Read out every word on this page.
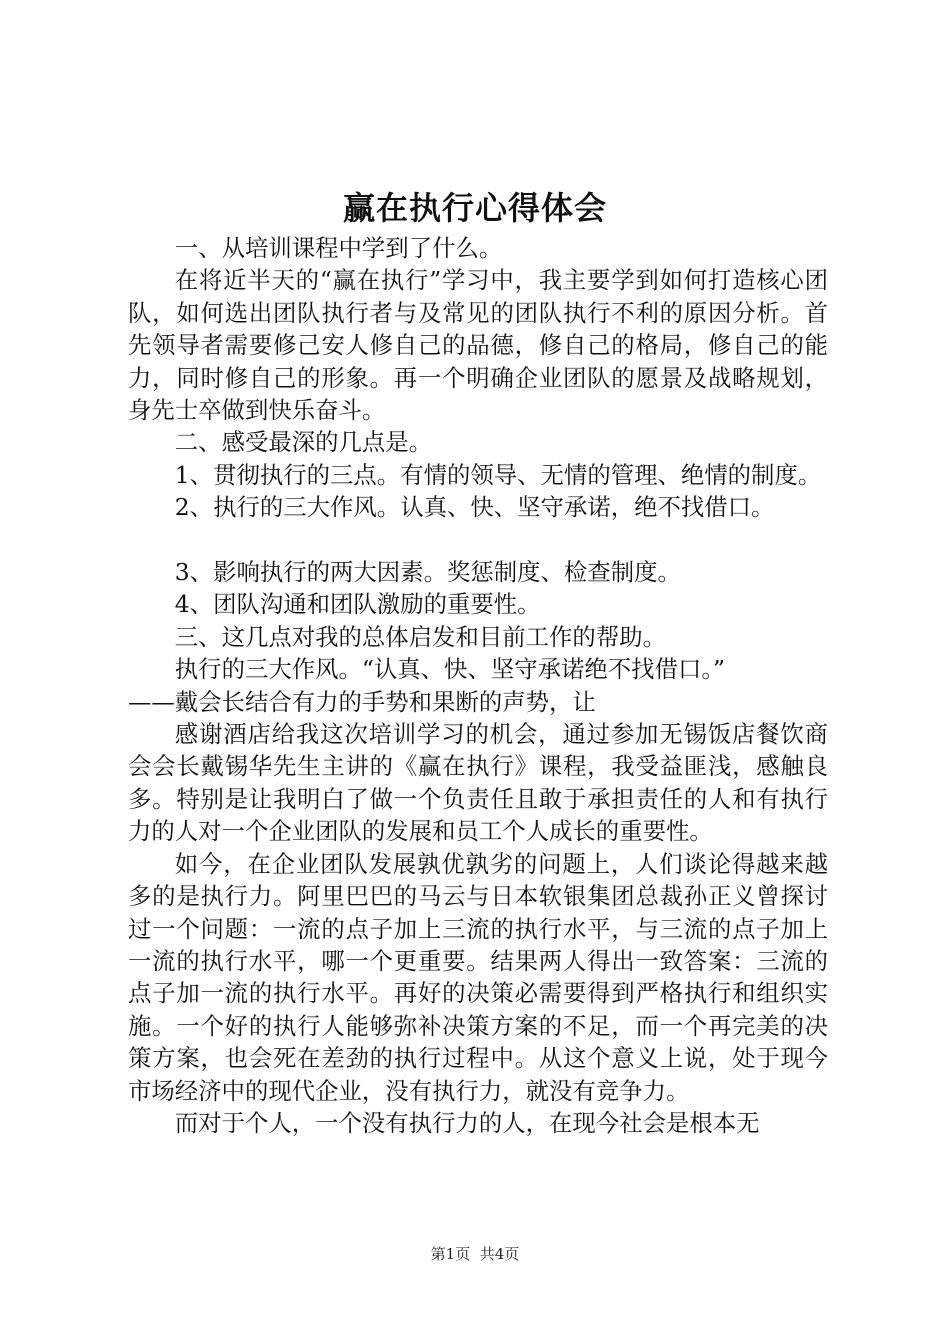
赢在执行心得体会

一、从培训课程中学到了什么。

在将近半天的“赢在执行”学习中，我主要学到如何打造核心团队，如何选出团队执行者与及常见的团队执行不利的原因分析。首先领导者需要修己安人修自己的品德，修自己的格局，修自己的能力，同时修自己的形象。再一个明确企业团队的愿景及战略规划，身先士卒做到快乐奋斗。

二、感受最深的几点是。

1、贯彻执行的三点。有情的领导、无情的管理、绝情的制度。

2、执行的三大作风。认真、快、坚守承诺，绝不找借口。

3、影响执行的两大因素。奖惩制度、检查制度。

4、团队沟通和团队激励的重要性。

三、这几点对我的总体启发和目前工作的帮助。

执行的三大作风。“认真、快、坚守承诺绝不找借口。”

——戴会长结合有力的手势和果断的声势，让

感谢酒店给我这次培训学习的机会，通过参加无锡饭店餐饮商会会长戴锡华先生主讲的《赢在执行》课程，我受益匪浅，感触良多。特别是让我明白了做一个负责任且敢于承担责任的人和有执行力的人对一个企业团队的发展和员工个人成长的重要性。

如今，在企业团队发展孰优孰劣的问题上，人们谈论得越来越多的是执行力。阿里巴巴的马云与日本软银集团总裁孙正义曾探讨过一个问题：一流的点子加上三流的执行水平，与三流的点子加上一流的执行水平，哪一个更重要。结果两人得出一致答案：三流的点子加一流的执行水平。再好的决策必需要得到严格执行和组织实施。一个好的执行人能够弥补决策方案的不足，而一个再完美的决策方案，也会死在差劲的执行过程中。从这个意义上说，处于现今市场经济中的现代企业，没有执行力，就没有竞争力。

而对于个人，一个没有执行力的人，在现今社会是根本无

第1页 共4页
